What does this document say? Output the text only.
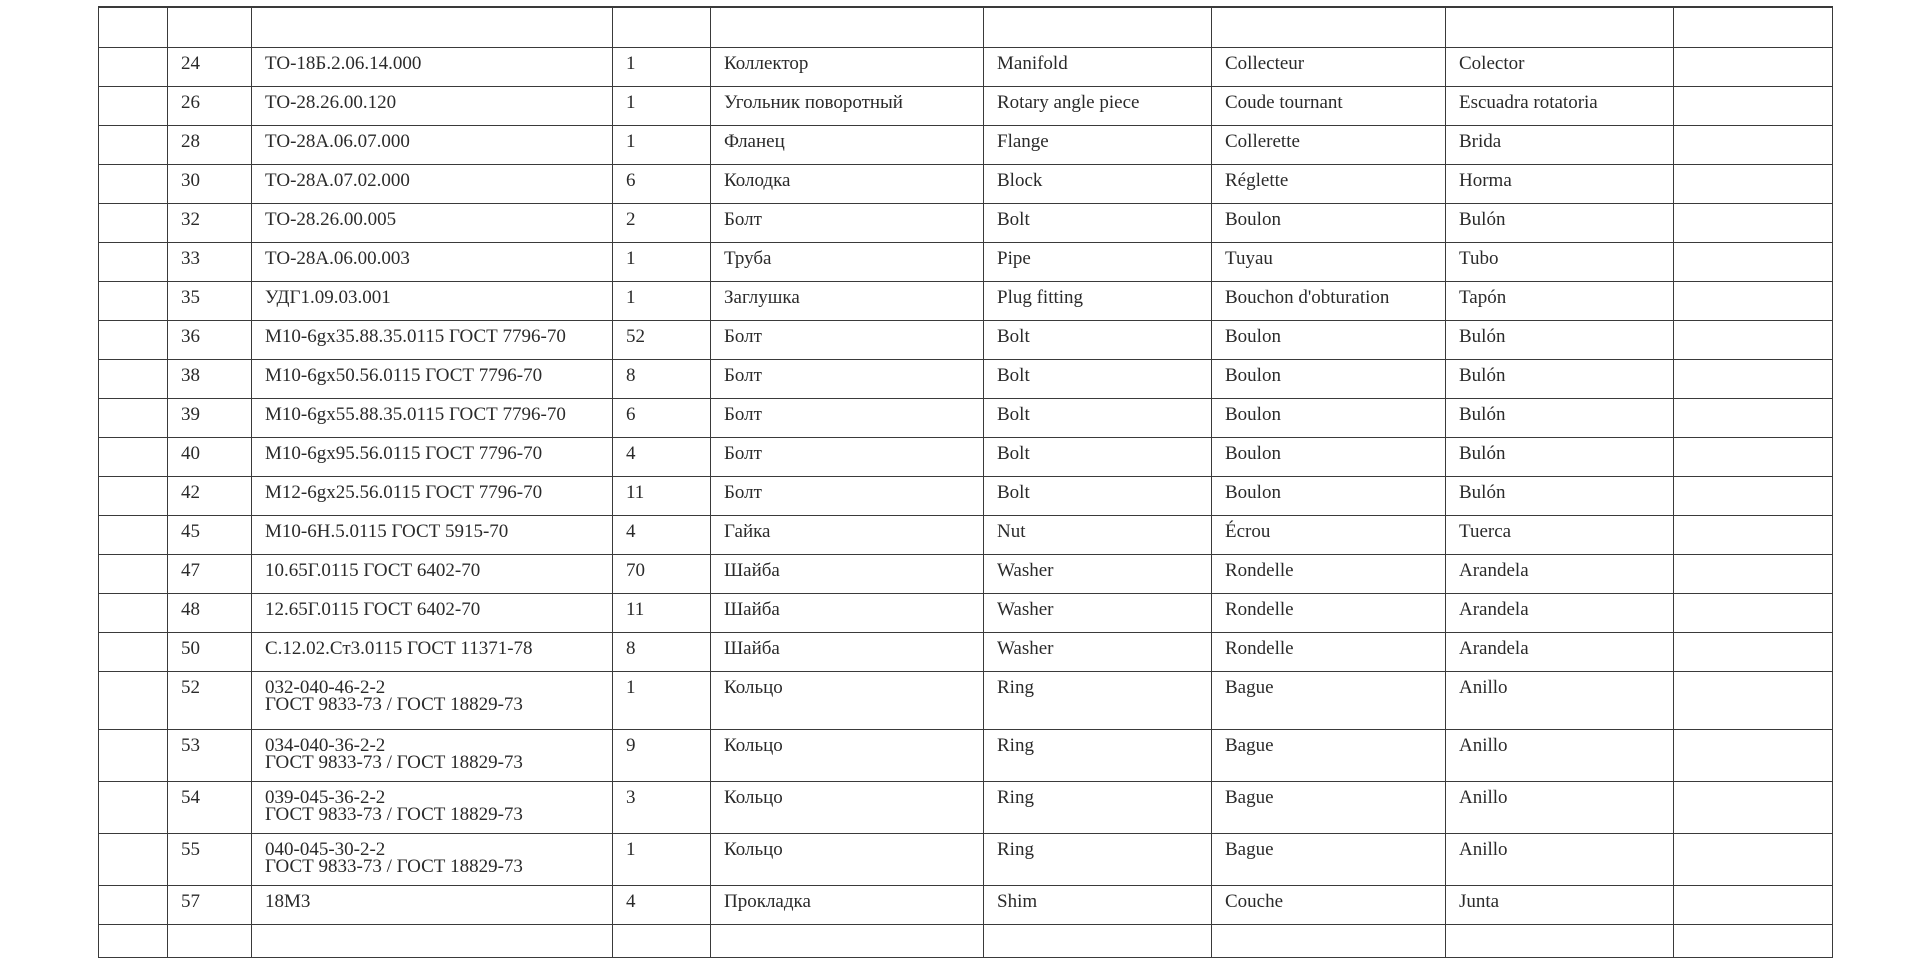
	24	ТО-18Б.2.06.14.000	1	Коллектор	Manifold	Collecteur	Colector	
	26	ТО-28.26.00.120	1	Угольник поворотный	Rotary angle piece	Coude tournant	Escuadra rotatoria	
	28	ТО-28А.06.07.000	1	Фланец	Flange	Collerette	Brida	
	30	ТО-28А.07.02.000	6	Колодка	Block	Réglette	Horma	
	32	ТО-28.26.00.005	2	Болт	Bolt	Boulon	Bulón	
	33	ТО-28А.06.00.003	1	Труба	Pipe	Tuyau	Tubo	
	35	УДГ1.09.03.001	1	Заглушка	Plug fitting	Bouchon d'obturation	Tapón	
	36	М10-6gх35.88.35.0115 ГОСТ 7796-70	52	Болт	Bolt	Boulon	Bulón	
	38	М10-6gх50.56.0115 ГОСТ 7796-70	8	Болт	Bolt	Boulon	Bulón	
	39	М10-6gх55.88.35.0115 ГОСТ 7796-70	6	Болт	Bolt	Boulon	Bulón	
	40	М10-6gх95.56.0115 ГОСТ 7796-70	4	Болт	Bolt	Boulon	Bulón	
	42	М12-6gх25.56.0115 ГОСТ 7796-70	11	Болт	Bolt	Boulon	Bulón	
	45	М10-6Н.5.0115 ГОСТ 5915-70	4	Гайка	Nut	Écrou	Tuerca	
	47	10.65Г.0115 ГОСТ 6402-70	70	Шайба	Washer	Rondelle	Arandela	
	48	12.65Г.0115 ГОСТ 6402-70	11	Шайба	Washer	Rondelle	Arandela	
	50	С.12.02.Ст3.0115 ГОСТ 11371-78	8	Шайба	Washer	Rondelle	Arandela	
	52	032-040-46-2-2
ГОСТ 9833-73 / ГОСТ 18829-73	1	Кольцо	Ring	Bague	Anillo	
	53	034-040-36-2-2
ГОСТ 9833-73 / ГОСТ 18829-73	9	Кольцо	Ring	Bague	Anillo	
	54	039-045-36-2-2
ГОСТ 9833-73 / ГОСТ 18829-73	3	Кольцо	Ring	Bague	Anillo	
	55	040-045-30-2-2
ГОСТ 9833-73 / ГОСТ 18829-73	1	Кольцо	Ring	Bague	Anillo	
	57	18М3	4	Прокладка	Shim	Couche	Junta	
